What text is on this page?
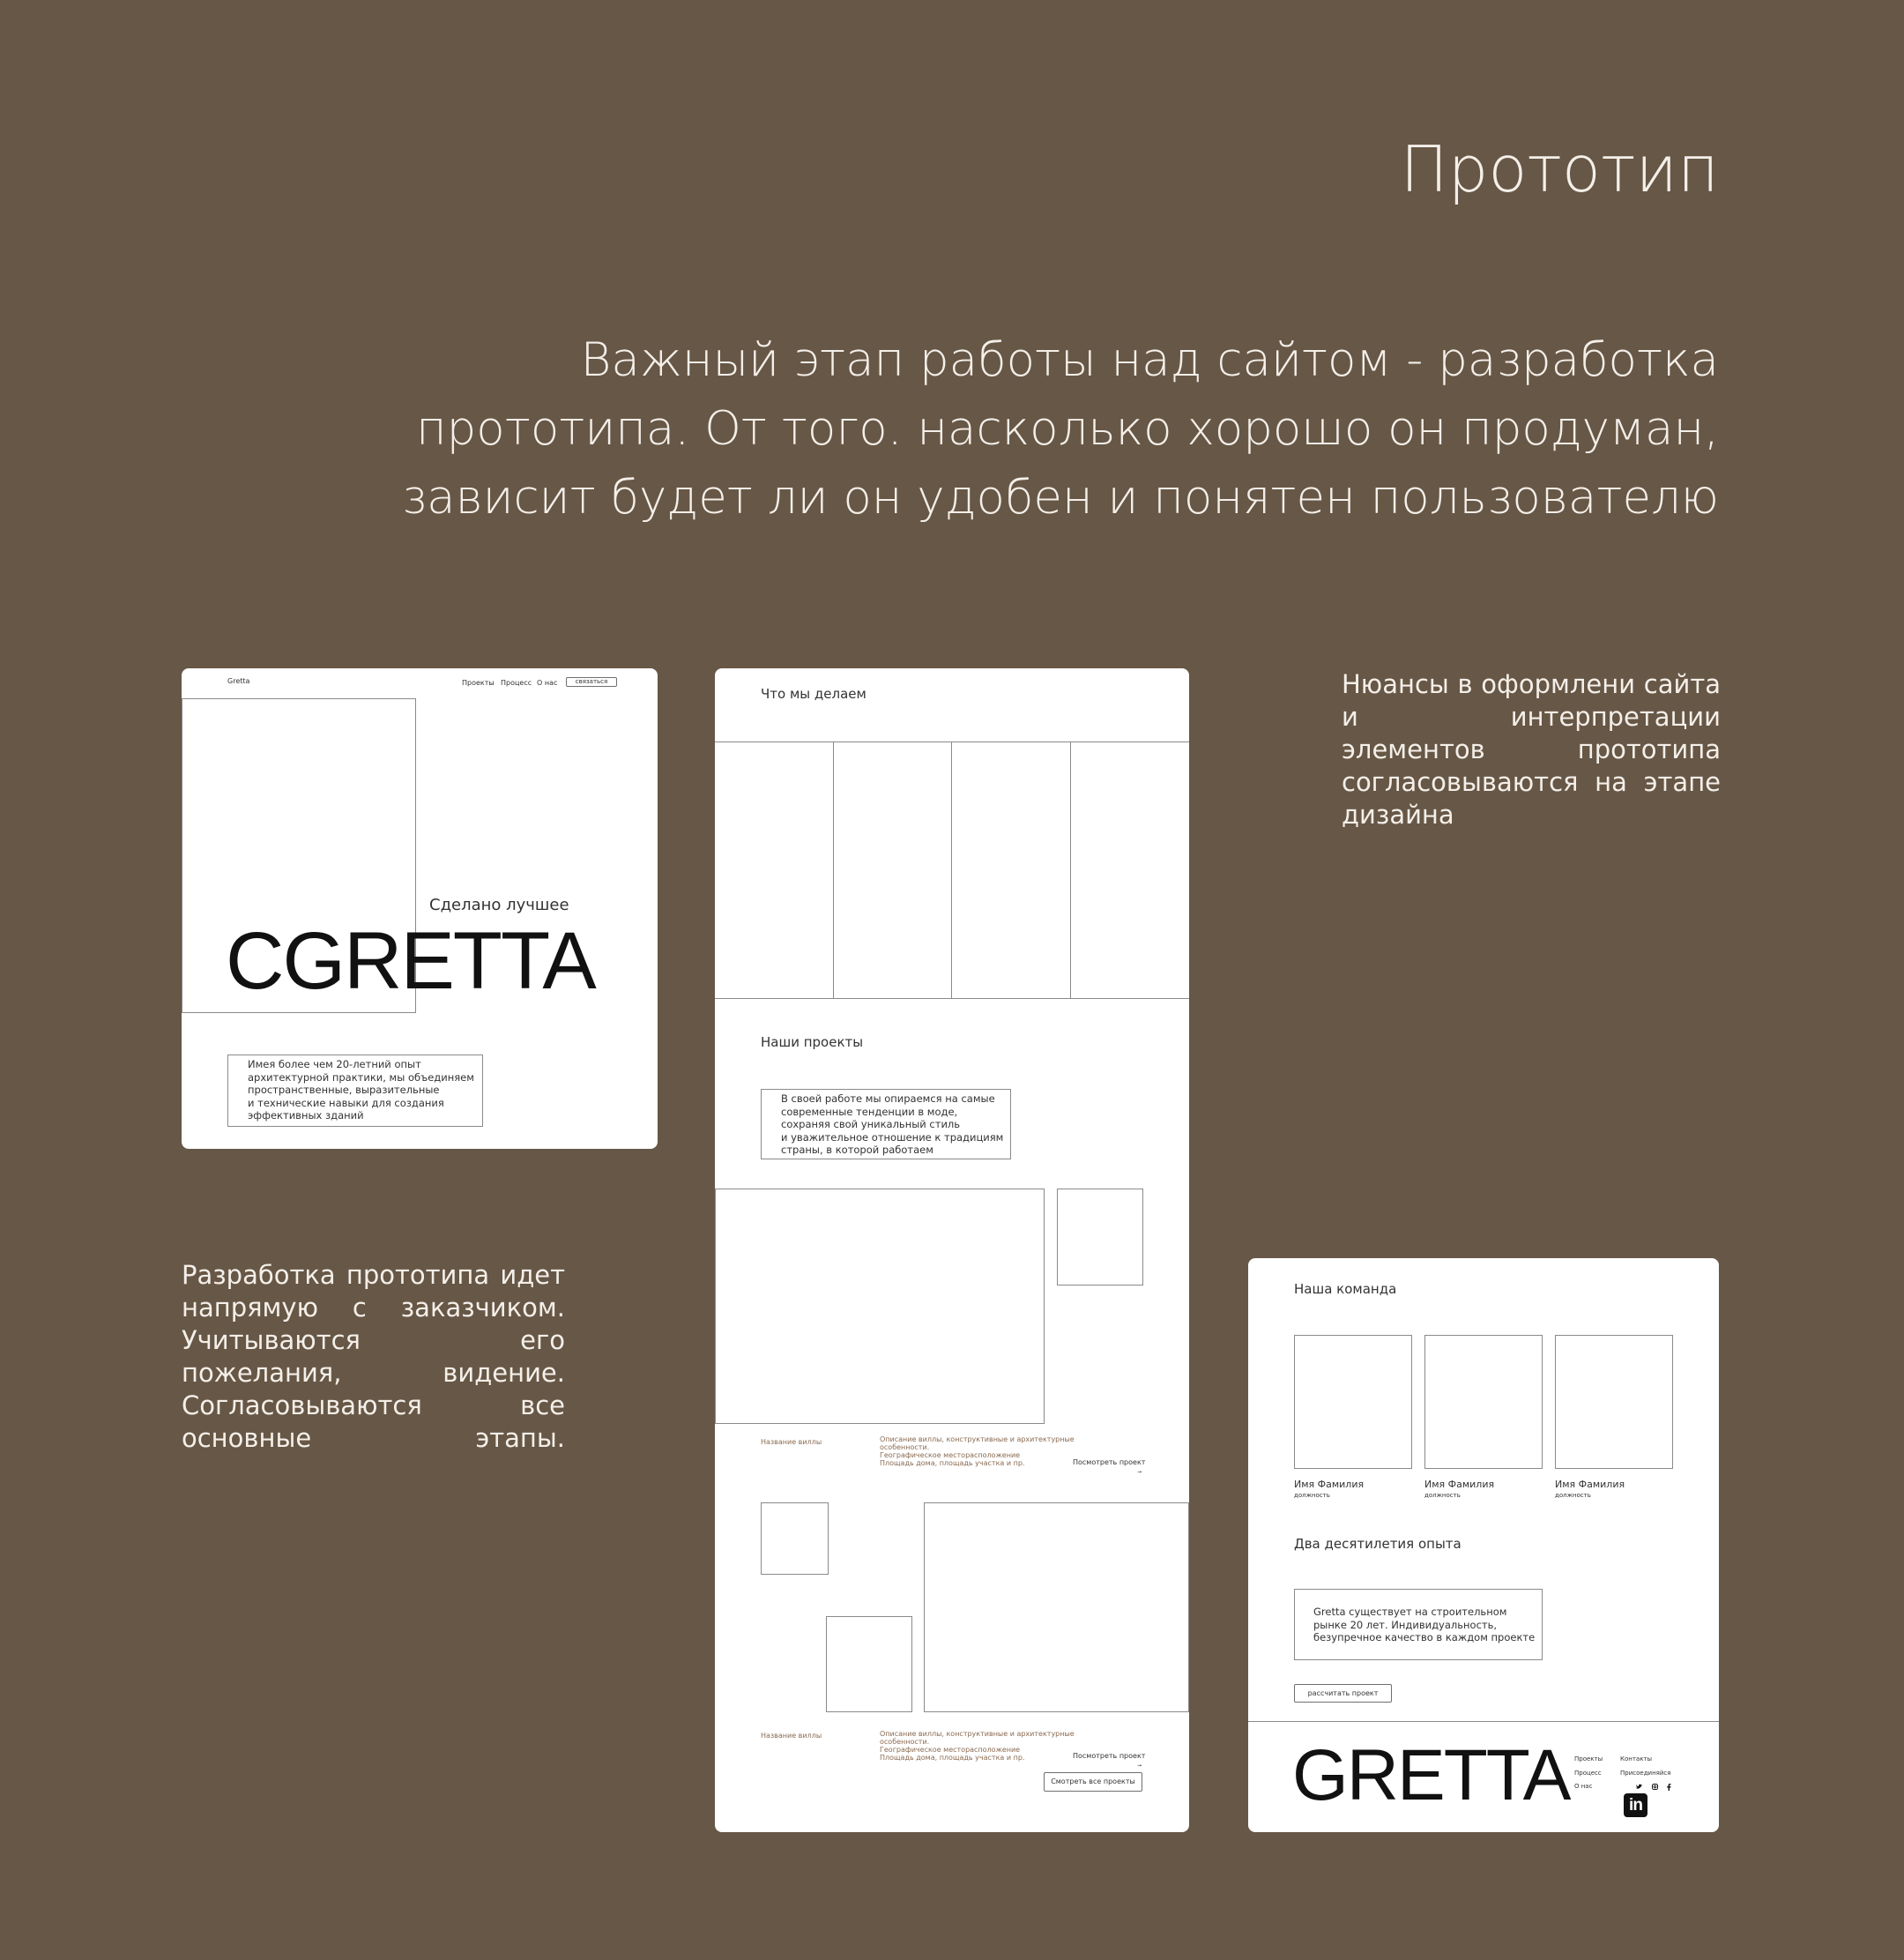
Прототип
Важный этап работы над сайтом - разработка прототипа. От того. насколько хорошо он продуман, зависит будет ли он удобен и понятен пользователю
Нюансы в оформлени сайта и интерпретации элементов прототипа согласовываются на этапе дизайна
Разработка прототипа идет напрямую с заказчиком. Учитываются его пожелания, видение. Согласовываются все основные этапы.
Gretta	Проекты Процесс О нас	связаться
Сделано лучшее
CGRETTA
Имея более чем 20-летний опыт
архитектурной практики, мы объединяем
пространственные, выразительные
и технические навыки для создания
эффективных зданий
Что мы делаем
Наши проекты
В своей работе мы опираемся на самые
современные тенденции в моде,
сохраняя свой уникальный стиль
и уважительное отношение к традициям
страны, в которой работаем
Название виллы	Описание виллы, конструктивные и архитектурные
особенности.
Географическое месторасположение
Площадь дома, площадь участка и пр.	Посмотреть проект
→
Название виллы	Описание виллы, конструктивные и архитектурные
особенности.
Географическое месторасположение
Площадь дома, площадь участка и пр.	Посмотреть проект
→
Смотреть все проекты
Наша команда
Имя Фамилия
должность
Имя Фамилия
должность
Имя Фамилия
должность
Два десятилетия опыта
Gretta существует на строительном
рынке 20 лет. Индивидуальность,
безупречное качество в каждом проекте
рассчитать проект
GRETTA Проекты
Процесс
О нас
Контакты
Присоединяйся
in
